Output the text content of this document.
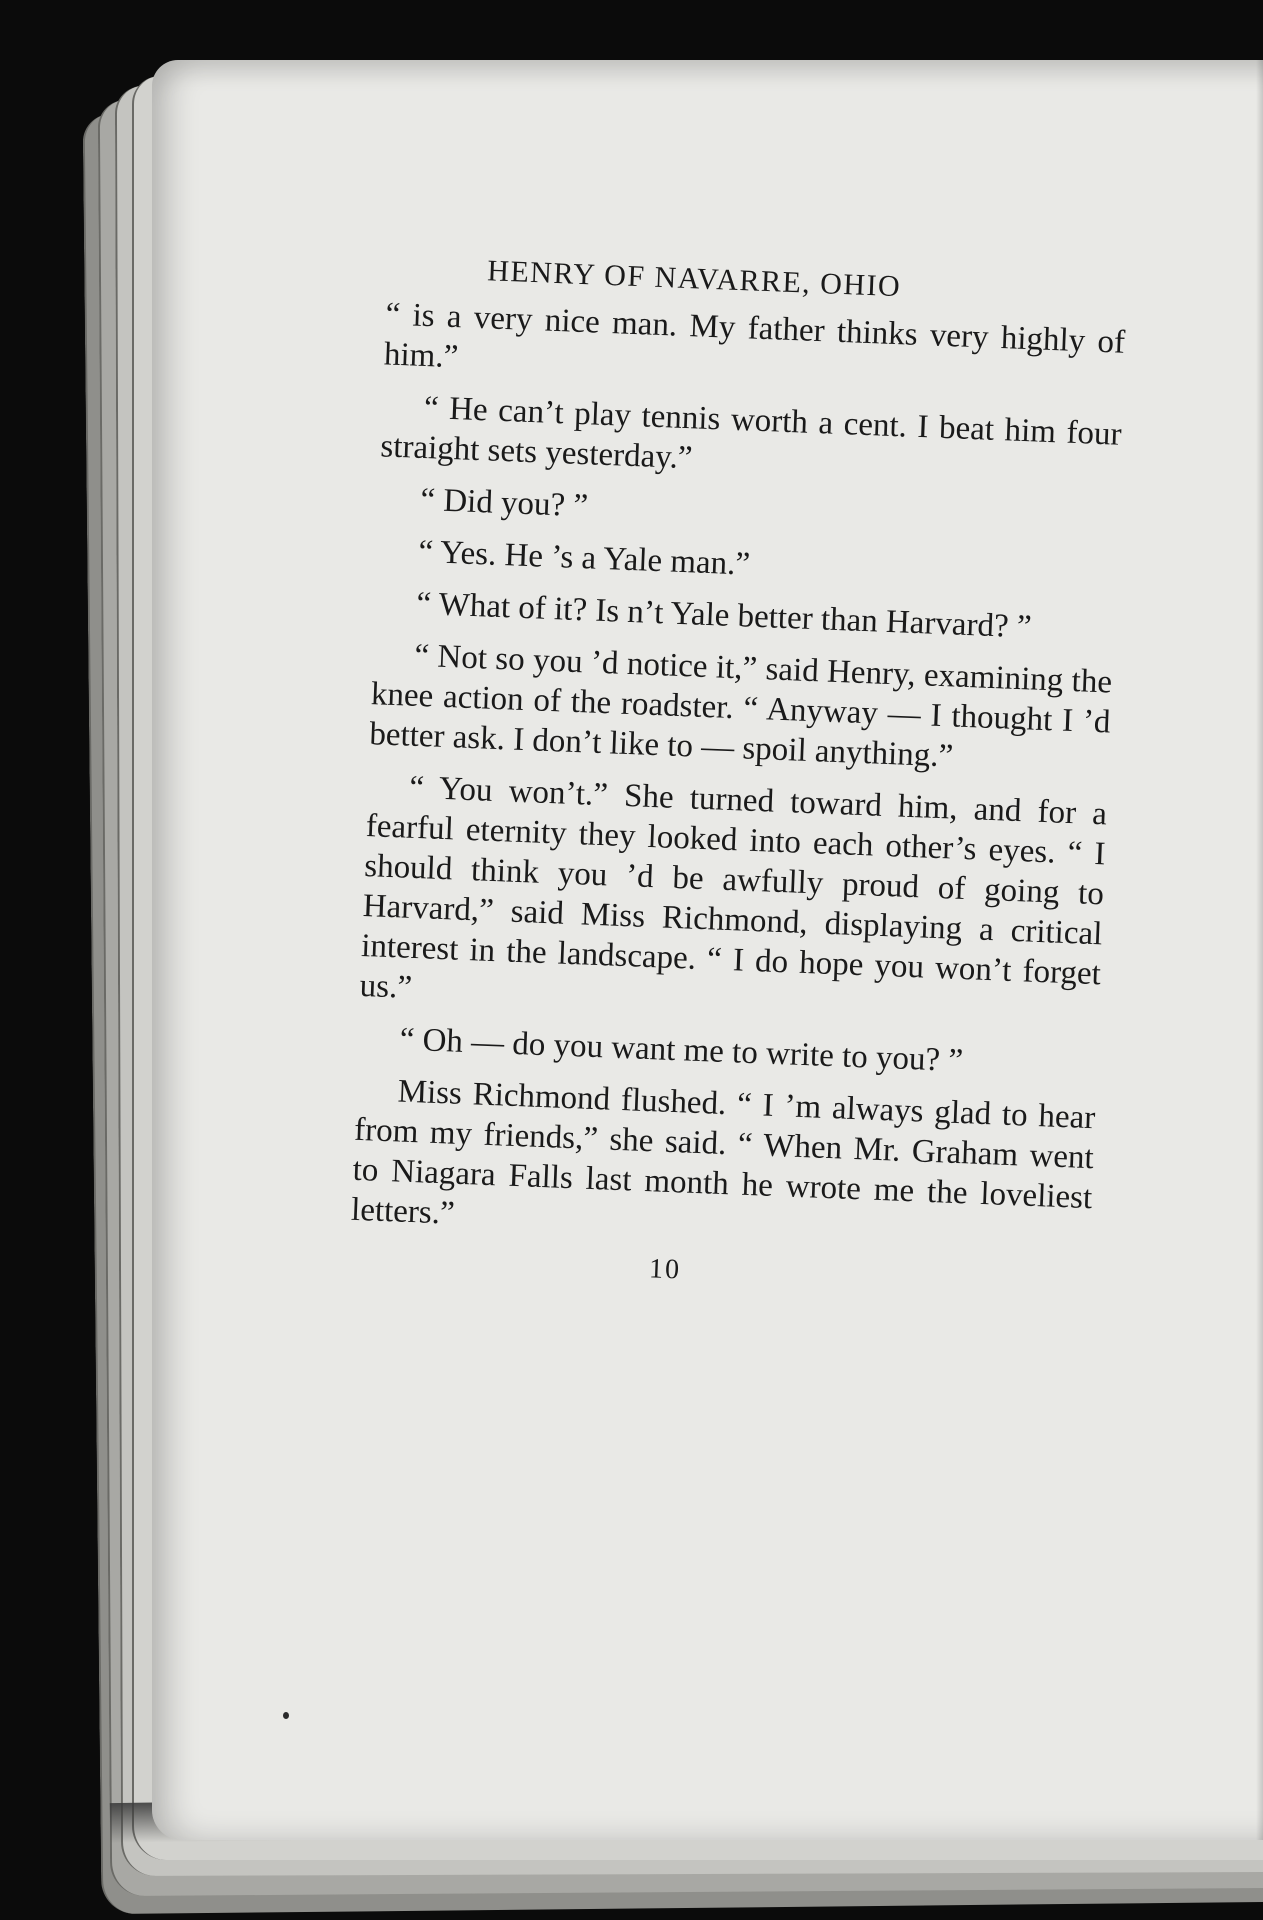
HENRY OF NAVARRE, OHIO

“ is a very nice man. My father thinks very highly of him.”

“ He can’t play tennis worth a cent. I beat him four straight sets yesterday.”

“ Did you? ”

“ Yes. He ’s a Yale man.”

“ What of it? Is n’t Yale better than Harvard? ”

“ Not so you ’d notice it,” said Henry, examining the knee action of the roadster. “ Anyway — I thought I ’d better ask. I don’t like to — spoil anything.”

“ You won’t.” She turned toward him, and for a fearful eternity they looked into each other’s eyes. “ I should think you ’d be awfully proud of going to Harvard,” said Miss Richmond, displaying a critical interest in the landscape. “ I do hope you won’t forget us.”

“ Oh — do you want me to write to you? ”

Miss Richmond flushed. “ I ’m always glad to hear from my friends,” she said. “ When Mr. Graham went to Niagara Falls last month he wrote me the loveliest letters.”

10
